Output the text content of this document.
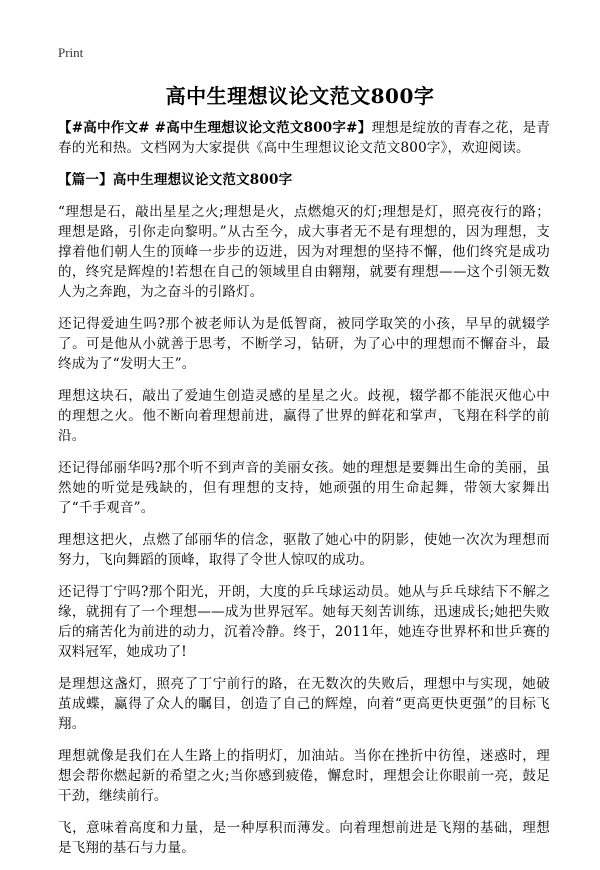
Print
高中生理想议论文范文800字

【#高中作文# #高中生理想议论文范文800字#】理想是绽放的青春之花，是青春的光和热。文档网为大家提供《高中生理想议论文范文800字》，欢迎阅读。

【篇一】高中生理想议论文范文800字

“理想是石，敲出星星之火;理想是火，点燃熄灭的灯;理想是灯，照亮夜行的路；理想是路，引你走向黎明。”从古至今，成大事者无不是有理想的，因为理想，支撑着他们朝人生的顶峰一步步的迈进，因为对理想的坚持不懈，他们终究是成功的，终究是辉煌的!若想在自己的领域里自由翱翔，就要有理想——这个引领无数人为之奔跑，为之奋斗的引路灯。

还记得爱迪生吗?那个被老师认为是低智商，被同学取笑的小孩，早早的就辍学了。可是他从小就善于思考，不断学习，钻研，为了心中的理想而不懈奋斗，最终成为了“发明大王”。

理想这块石，敲出了爱迪生创造灵感的星星之火。歧视，辍学都不能泯灭他心中的理想之火。他不断向着理想前进，赢得了世界的鲜花和掌声，飞翔在科学的前沿。

还记得邰丽华吗?那个听不到声音的美丽女孩。她的理想是要舞出生命的美丽，虽然她的听觉是残缺的，但有理想的支持，她顽强的用生命起舞，带领大家舞出了“千手观音”。

理想这把火，点燃了邰丽华的信念，驱散了她心中的阴影，使她一次次为理想而努力，飞向舞蹈的顶峰，取得了令世人惊叹的成功。

还记得丁宁吗?那个阳光，开朗，大度的乒乓球运动员。她从与乒乓球结下不解之缘，就拥有了一个理想——成为世界冠军。她每天刻苦训练，迅速成长;她把失败后的痛苦化为前进的动力，沉着冷静。终于，2011年，她连夺世界杯和世乒赛的双料冠军，她成功了!

是理想这盏灯，照亮了丁宁前行的路，在无数次的失败后，理想中与实现，她破茧成蝶，赢得了众人的瞩目，创造了自己的辉煌，向着“更高更快更强”的目标飞翔。

理想就像是我们在人生路上的指明灯，加油站。当你在挫折中彷徨，迷惑时，理想会帮你燃起新的希望之火;当你感到疲倦，懈怠时，理想会让你眼前一亮，鼓足干劲，继续前行。

飞，意味着高度和力量，是一种厚积而薄发。向着理想前进是飞翔的基础，理想是飞翔的基石与力量。
